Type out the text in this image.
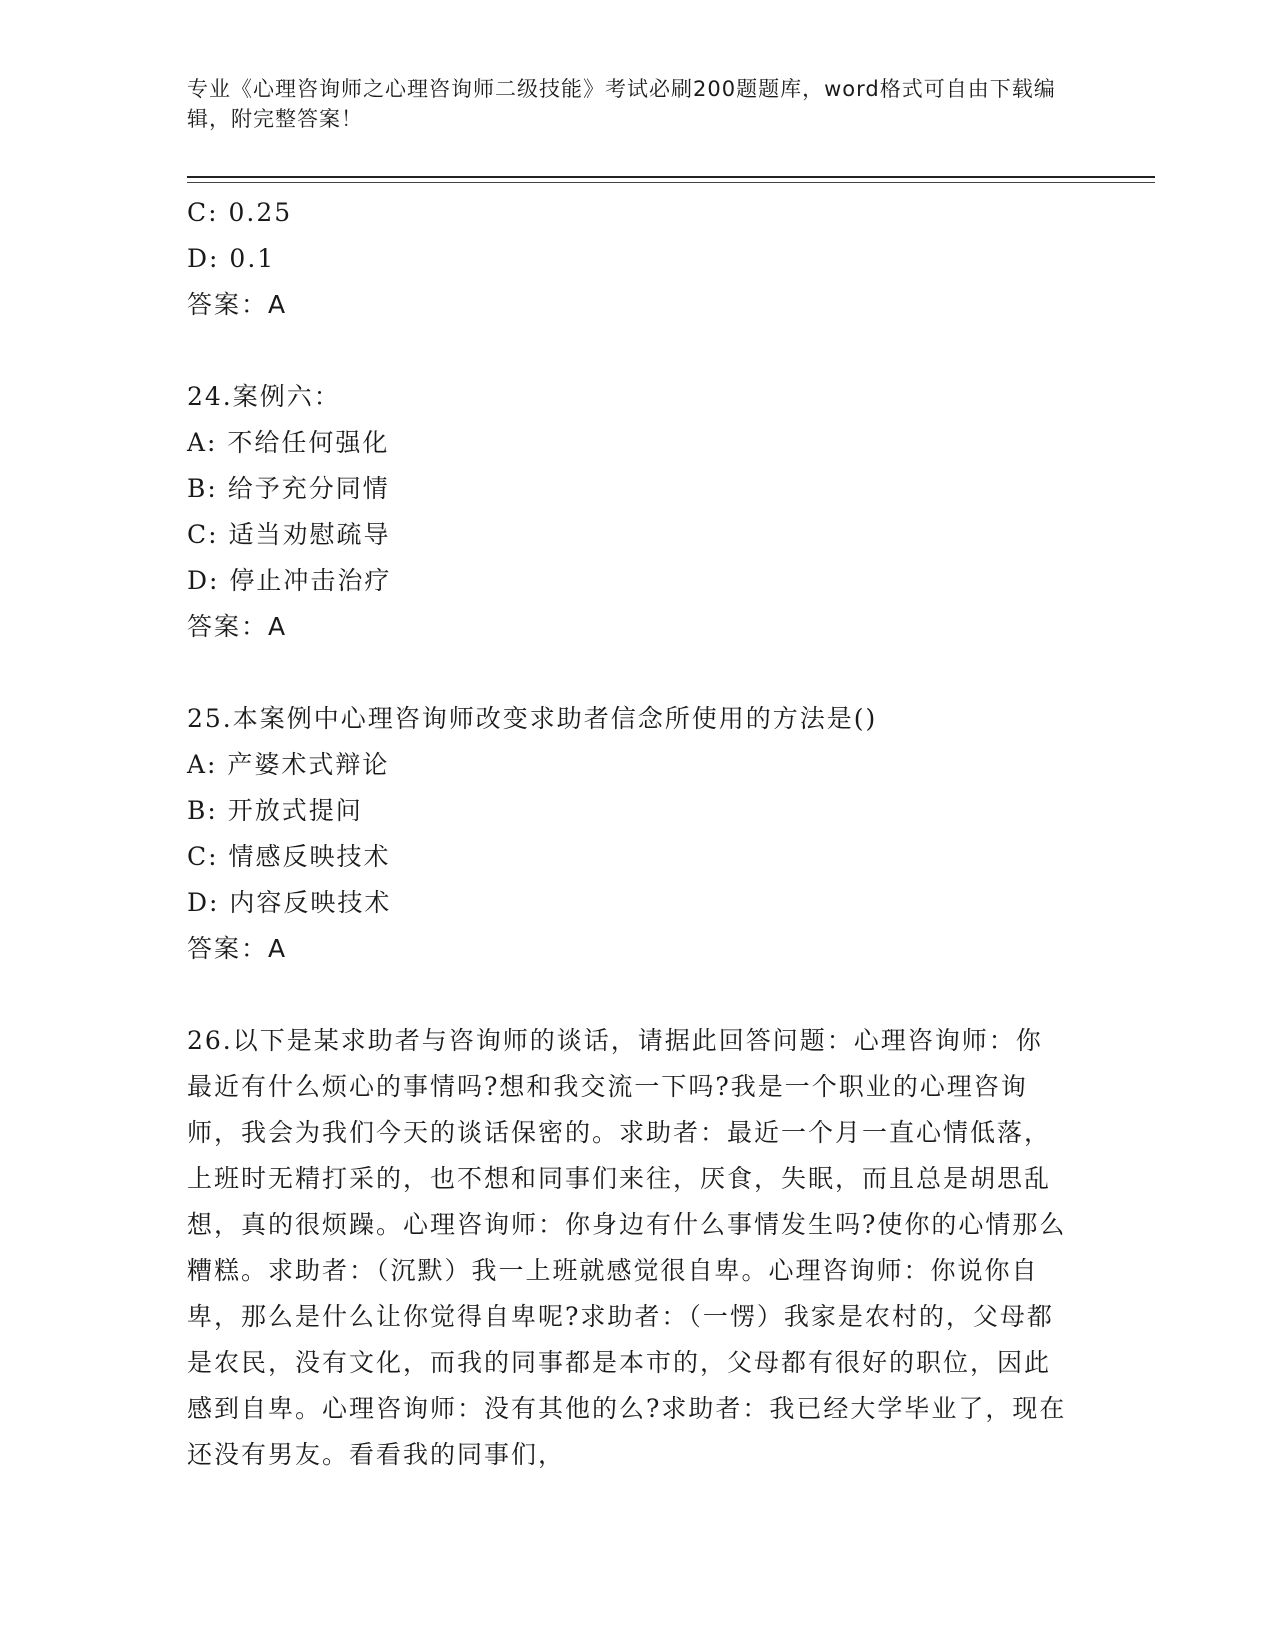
专业《心理咨询师之心理咨询师二级技能》考试必刷200题题库，word格式可自由下载编辑，附完整答案！
C: 0.25
D: 0.1
答案：A
24.案例六：
A: 不给任何强化
B: 给予充分同情
C: 适当劝慰疏导
D: 停止冲击治疗
答案：A
25.本案例中心理咨询师改变求助者信念所使用的方法是()
A: 产婆术式辩论
B: 开放式提问
C: 情感反映技术
D: 内容反映技术
答案：A
26.以下是某求助者与咨询师的谈话，请据此回答问题：心理咨询师：你最近有什么烦心的事情吗?想和我交流一下吗?我是一个职业的心理咨询师，我会为我们今天的谈话保密的。求助者：最近一个月一直心情低落，上班时无精打采的，也不想和同事们来往，厌食，失眠，而且总是胡思乱想，真的很烦躁。心理咨询师：你身边有什么事情发生吗?使你的心情那么糟糕。求助者：（沉默）我一上班就感觉很自卑。心理咨询师：你说你自卑，那么是什么让你觉得自卑呢?求助者：（一愣）我家是农村的，父母都是农民，没有文化，而我的同事都是本市的，父母都有很好的职位，因此感到自卑。心理咨询师：没有其他的么?求助者：我已经大学毕业了，现在还没有男友。看看我的同事们，
